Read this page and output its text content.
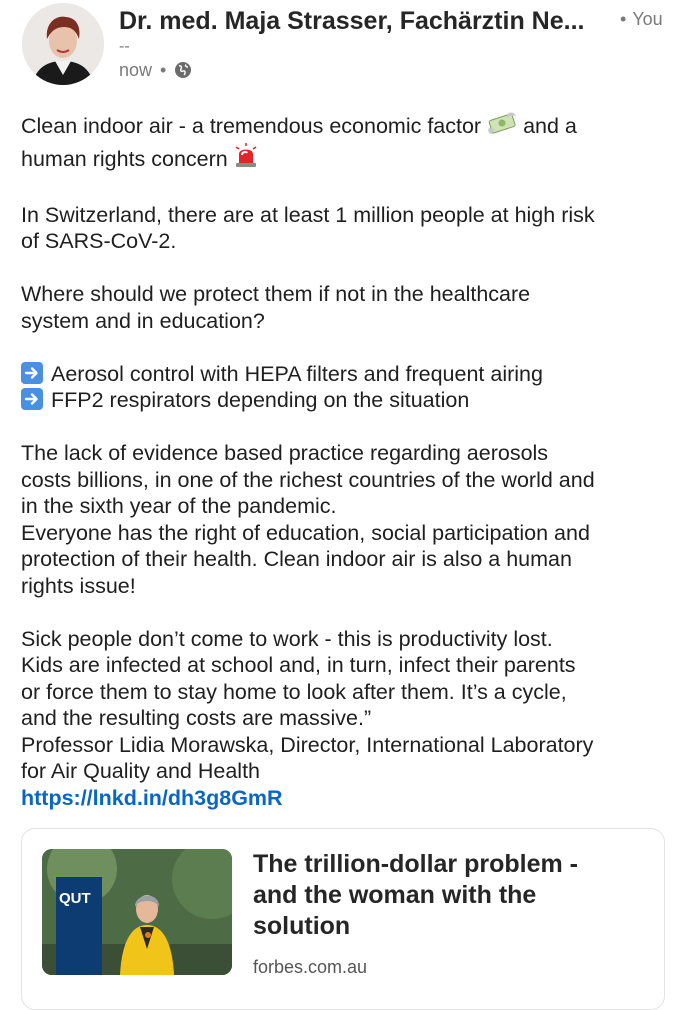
Dr. med. Maja Strasser, Fachärztin Ne...	• You
--
now •
Clean indoor air - a tremendous economic factor and a
human rights concern
In Switzerland, there are at least 1 million people at high risk
of SARS-CoV-2.
Where should we protect them if not in the healthcare
system and in education?
Aerosol control with HEPA filters and frequent airing
FFP2 respirators depending on the situation
The lack of evidence based practice regarding aerosols
costs billions, in one of the richest countries of the world and
in the sixth year of the pandemic.
Everyone has the right of education, social participation and
protection of their health. Clean indoor air is also a human
rights issue!
Sick people don’t come to work - this is productivity lost.
Kids are infected at school and, in turn, infect their parents
or force them to stay home to look after them. It’s a cycle,
and the resulting costs are massive.”
Professor Lidia Morawska, Director, International Laboratory
for Air Quality and Health
https://lnkd.in/dh3g8GmR
QUT
The trillion-dollar problem -
and the woman with the
solution
forbes.com.au
